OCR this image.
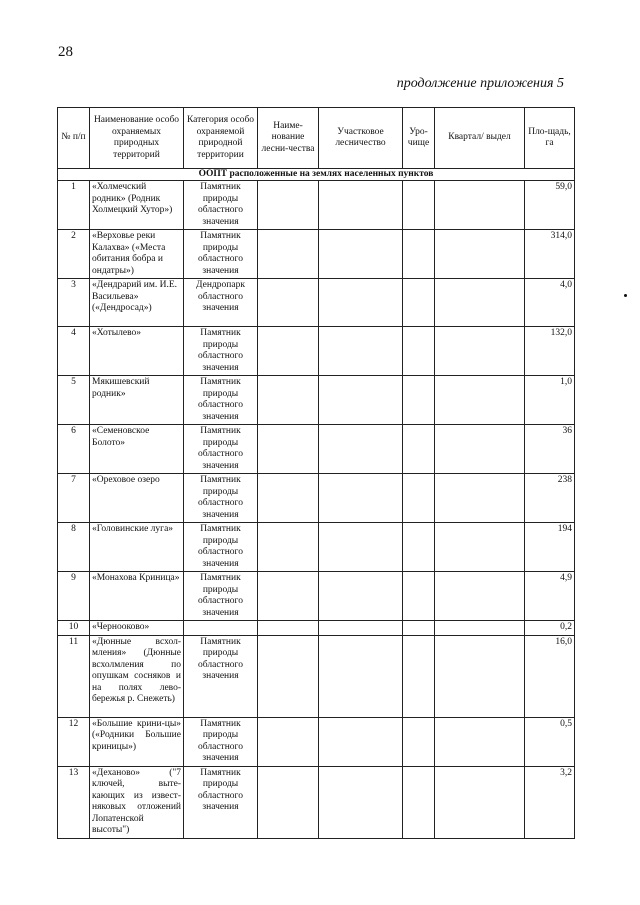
28
продолжение приложения 5
№ п/п	Наименование особо охраняемых природных территорий	Категория особо охраняемой природной территории	Наиме-нование лесни-чества	Участковое лесничество	Уро-чище	Квартал/ выдел	Пло-щадь, га
ООПТ расположенные на землях населенных пунктов							
1	«Холмечский родник» (Родник Холмецкий Хутор»)	Памятник природы областного значения					59,0
2	«Верховье реки Калахва» («Места обитания бобра и ондатры»)	Памятник природы областного значения					314,0
3	«Дендрарий им. И.Е. Васильева» («Дендросад»)	Дендропарк областного значения					4,0
4	«Хотылево»	Памятник природы областного значения					132,0
5	Мякишевский родник»	Памятник природы областного значения					1,0
6	«Семеновское Болото»	Памятник природы областного значения					36
7	«Ореховое озеро	Памятник природы областного значения					238
8	«Головинские луга»	Памятник природы областного значения					194
9	«Монахова Криница»	Памятник природы областного значения					4,9
10	«Чернооково»						0,2
11	«Дюнные всхол-мления» (Дюнные всхолмления по опушкам сосняков и на полях лево-бережья р. Снежеть)	Памятник природы областного значения					16,0
12	«Большие крини-цы» («Родники Большие криницы»)	Памятник природы областного значения					0,5
13	«Деханово» ("7 ключей, выте-кающих из извест-няковых отложений Лопатенской высоты")	Памятник природы областного значения					3,2
